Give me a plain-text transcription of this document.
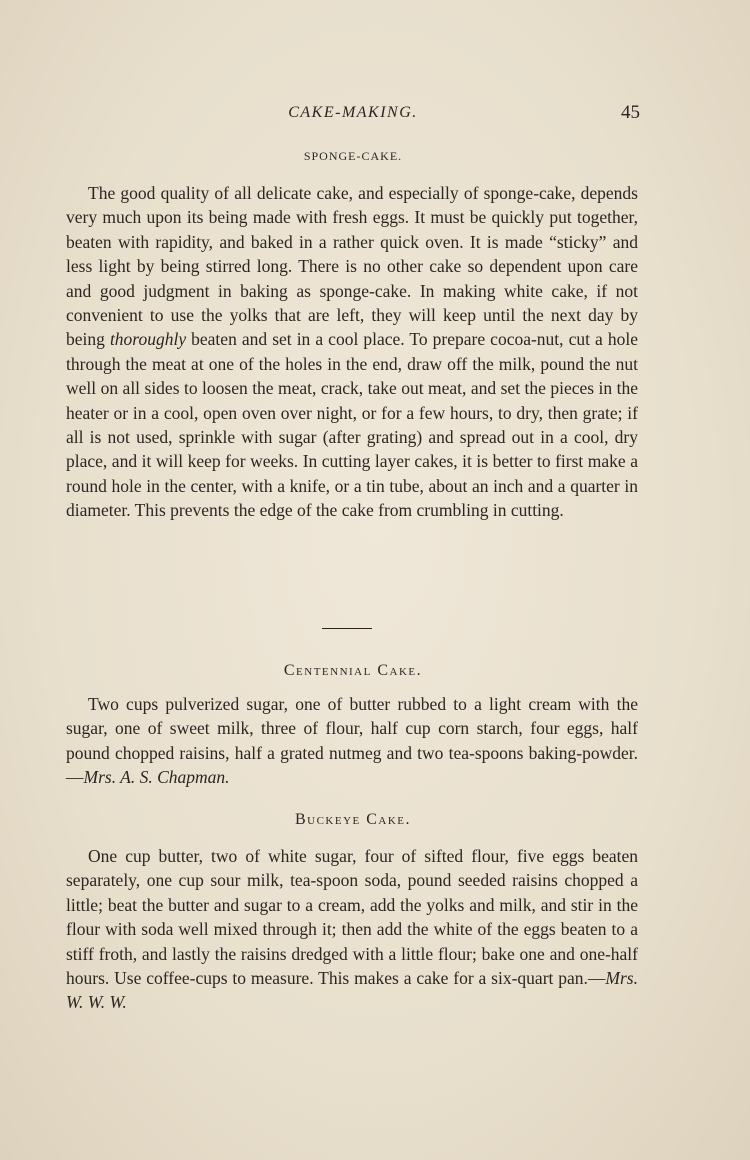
CAKE-MAKING.	45
SPONGE-CAKE.

The good quality of all delicate cake, and especially of sponge-cake, depends very much upon its being made with fresh eggs. It must be quickly put together, beaten with rapidity, and baked in a rather quick oven. It is made “sticky” and less light by being stirred long. There is no other cake so dependent upon care and good judgment in baking as sponge-cake. In making white cake, if not convenient to use the yolks that are left, they will keep until the next day by being thoroughly beaten and set in a cool place. To prepare cocoa-nut, cut a hole through the meat at one of the holes in the end, draw off the milk, pound the nut well on all sides to loosen the meat, crack, take out meat, and set the pieces in the heater or in a cool, open oven over night, or for a few hours, to dry, then grate; if all is not used, sprinkle with sugar (after grating) and spread out in a cool, dry place, and it will keep for weeks. In cutting layer cakes, it is better to first make a round hole in the center, with a knife, or a tin tube, about an inch and a quarter in diameter. This prevents the edge of the cake from crumbling in cutting.

Centennial Cake.

Two cups pulverized sugar, one of butter rubbed to a light cream with the sugar, one of sweet milk, three of flour, half cup corn starch, four eggs, half pound chopped raisins, half a grated nutmeg and two tea-spoons baking-powder.—Mrs. A. S. Chapman.

Buckeye Cake.

One cup butter, two of white sugar, four of sifted flour, five eggs beaten separately, one cup sour milk, tea-spoon soda, pound seeded raisins chopped a little; beat the butter and sugar to a cream, add the yolks and milk, and stir in the flour with soda well mixed through it; then add the white of the eggs beaten to a stiff froth, and lastly the raisins dredged with a little flour; bake one and one-half hours. Use coffee-cups to measure. This makes a cake for a six-quart pan.—Mrs. W. W. W.
